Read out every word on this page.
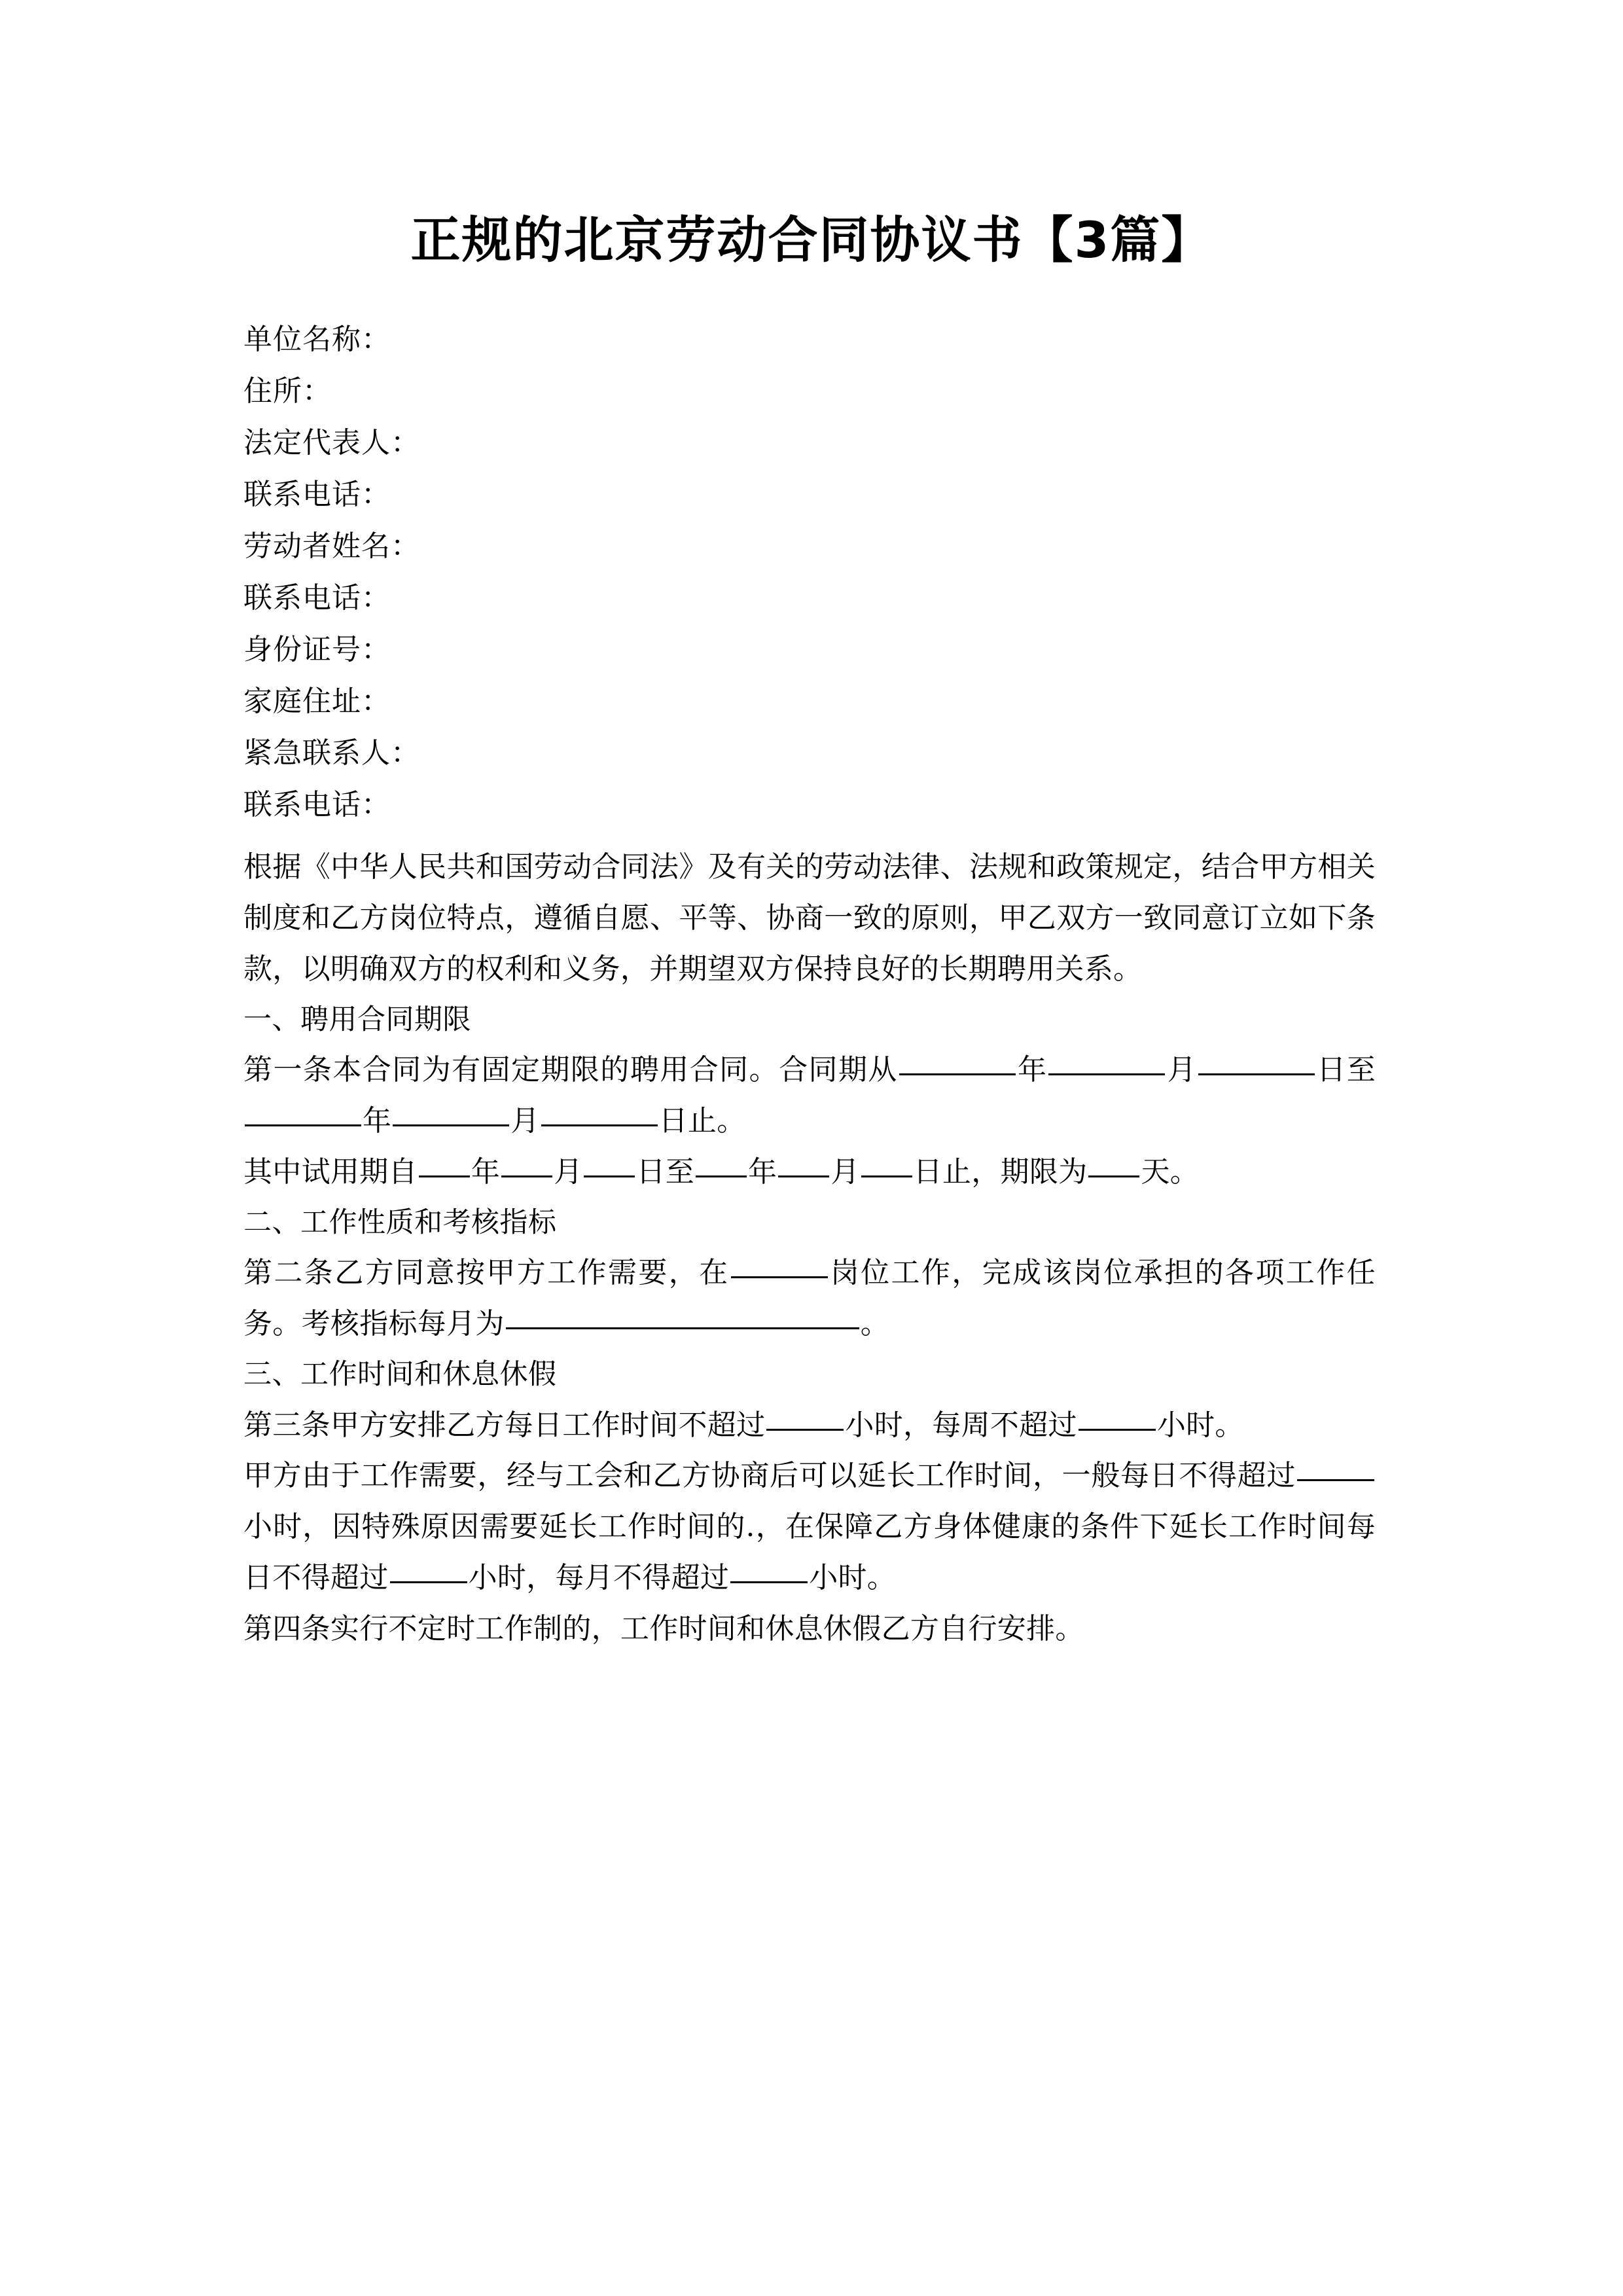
正规的北京劳动合同协议书【3篇】
单位名称：
住所：
法定代表人：
联系电话：
劳动者姓名：
联系电话：
身份证号：
家庭住址：
紧急联系人：
联系电话：

根据《中华人民共和国劳动合同法》及有关的劳动法律、法规和政策规定，结合甲方相关制度和乙方岗位特点，遵循自愿、平等、协商一致的原则，甲乙双方一致同意订立如下条款，以明确双方的权利和义务，并期望双方保持良好的长期聘用关系。

一、聘用合同期限

第一条本合同为有固定期限的聘用合同。合同期从	年	月	日至 年	月	日止。

其中试用期自 年 月 日至 年 月 日止，期限为 天。

二、工作性质和考核指标

第二条乙方同意按甲方工作需要，在	岗位工作，完成该岗位承担的各项工作任务。考核指标每月为	。

三、工作时间和休息休假

第三条甲方安排乙方每日工作时间不超过	小时，每周不超过	小时。

甲方由于工作需要，经与工会和乙方协商后可以延长工作时间，一般每日不得超过 小时，因特殊原因需要延长工作时间的.，在保障乙方身体健康的条件下延长工作时间每日不得超过	小时，每月不得超过	小时。

第四条实行不定时工作制的，工作时间和休息休假乙方自行安排。
